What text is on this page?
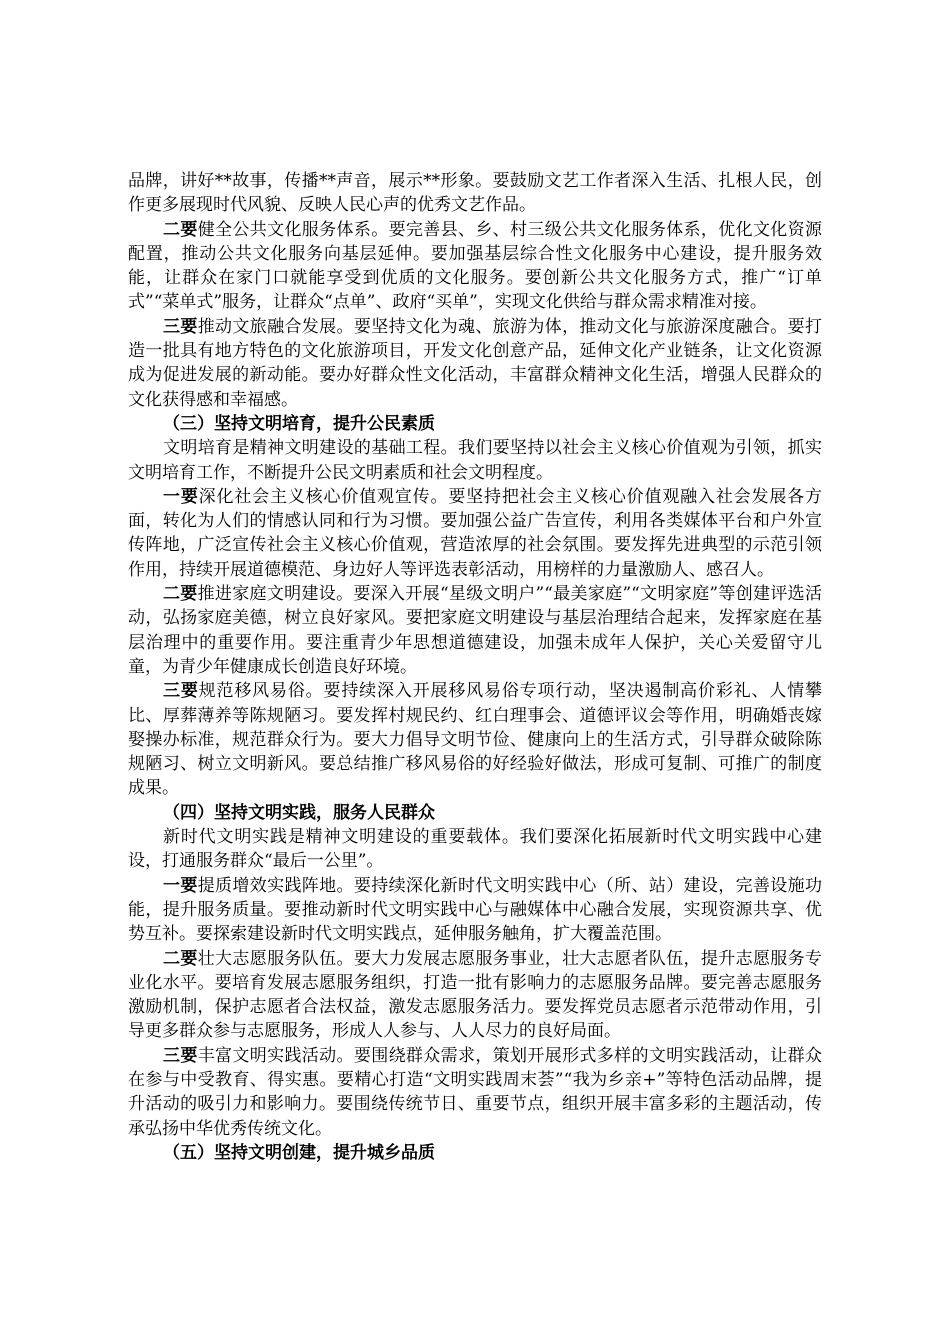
品牌，讲好**故事，传播**声音，展示**形象。要鼓励文艺工作者深入生活、扎根人民，创作更多展现时代风貌、反映人民心声的优秀文艺作品。

二要健全公共文化服务体系。要完善县、乡、村三级公共文化服务体系，优化文化资源配置，推动公共文化服务向基层延伸。要加强基层综合性文化服务中心建设，提升服务效能，让群众在家门口就能享受到优质的文化服务。要创新公共文化服务方式，推广“订单式”“菜单式”服务，让群众“点单”、政府“买单”，实现文化供给与群众需求精准对接。

三要推动文旅融合发展。要坚持文化为魂、旅游为体，推动文化与旅游深度融合。要打造一批具有地方特色的文化旅游项目，开发文化创意产品，延伸文化产业链条，让文化资源成为促进发展的新动能。要办好群众性文化活动，丰富群众精神文化生活，增强人民群众的文化获得感和幸福感。

（三）坚持文明培育，提升公民素质

文明培育是精神文明建设的基础工程。我们要坚持以社会主义核心价值观为引领，抓实文明培育工作，不断提升公民文明素质和社会文明程度。

一要深化社会主义核心价值观宣传。要坚持把社会主义核心价值观融入社会发展各方面，转化为人们的情感认同和行为习惯。要加强公益广告宣传，利用各类媒体平台和户外宣传阵地，广泛宣传社会主义核心价值观，营造浓厚的社会氛围。要发挥先进典型的示范引领作用，持续开展道德模范、身边好人等评选表彰活动，用榜样的力量激励人、感召人。

二要推进家庭文明建设。要深入开展“星级文明户”“最美家庭”“文明家庭”等创建评选活动，弘扬家庭美德，树立良好家风。要把家庭文明建设与基层治理结合起来，发挥家庭在基层治理中的重要作用。要注重青少年思想道德建设，加强未成年人保护，关心关爱留守儿童，为青少年健康成长创造良好环境。

三要规范移风易俗。要持续深入开展移风易俗专项行动，坚决遏制高价彩礼、人情攀比、厚葬薄养等陈规陋习。要发挥村规民约、红白理事会、道德评议会等作用，明确婚丧嫁娶操办标准，规范群众行为。要大力倡导文明节俭、健康向上的生活方式，引导群众破除陈规陋习、树立文明新风。要总结推广移风易俗的好经验好做法，形成可复制、可推广的制度成果。

（四）坚持文明实践，服务人民群众

新时代文明实践是精神文明建设的重要载体。我们要深化拓展新时代文明实践中心建设，打通服务群众“最后一公里”。

一要提质增效实践阵地。要持续深化新时代文明实践中心（所、站）建设，完善设施功能，提升服务质量。要推动新时代文明实践中心与融媒体中心融合发展，实现资源共享、优势互补。要探索建设新时代文明实践点，延伸服务触角，扩大覆盖范围。

二要壮大志愿服务队伍。要大力发展志愿服务事业，壮大志愿者队伍，提升志愿服务专业化水平。要培育发展志愿服务组织，打造一批有影响力的志愿服务品牌。要完善志愿服务激励机制，保护志愿者合法权益，激发志愿服务活力。要发挥党员志愿者示范带动作用，引导更多群众参与志愿服务，形成人人参与、人人尽力的良好局面。

三要丰富文明实践活动。要围绕群众需求，策划开展形式多样的文明实践活动，让群众在参与中受教育、得实惠。要精心打造“文明实践周末荟”“我为乡亲+”等特色活动品牌，提升活动的吸引力和影响力。要围绕传统节日、重要节点，组织开展丰富多彩的主题活动，传承弘扬中华优秀传统文化。

（五）坚持文明创建，提升城乡品质
